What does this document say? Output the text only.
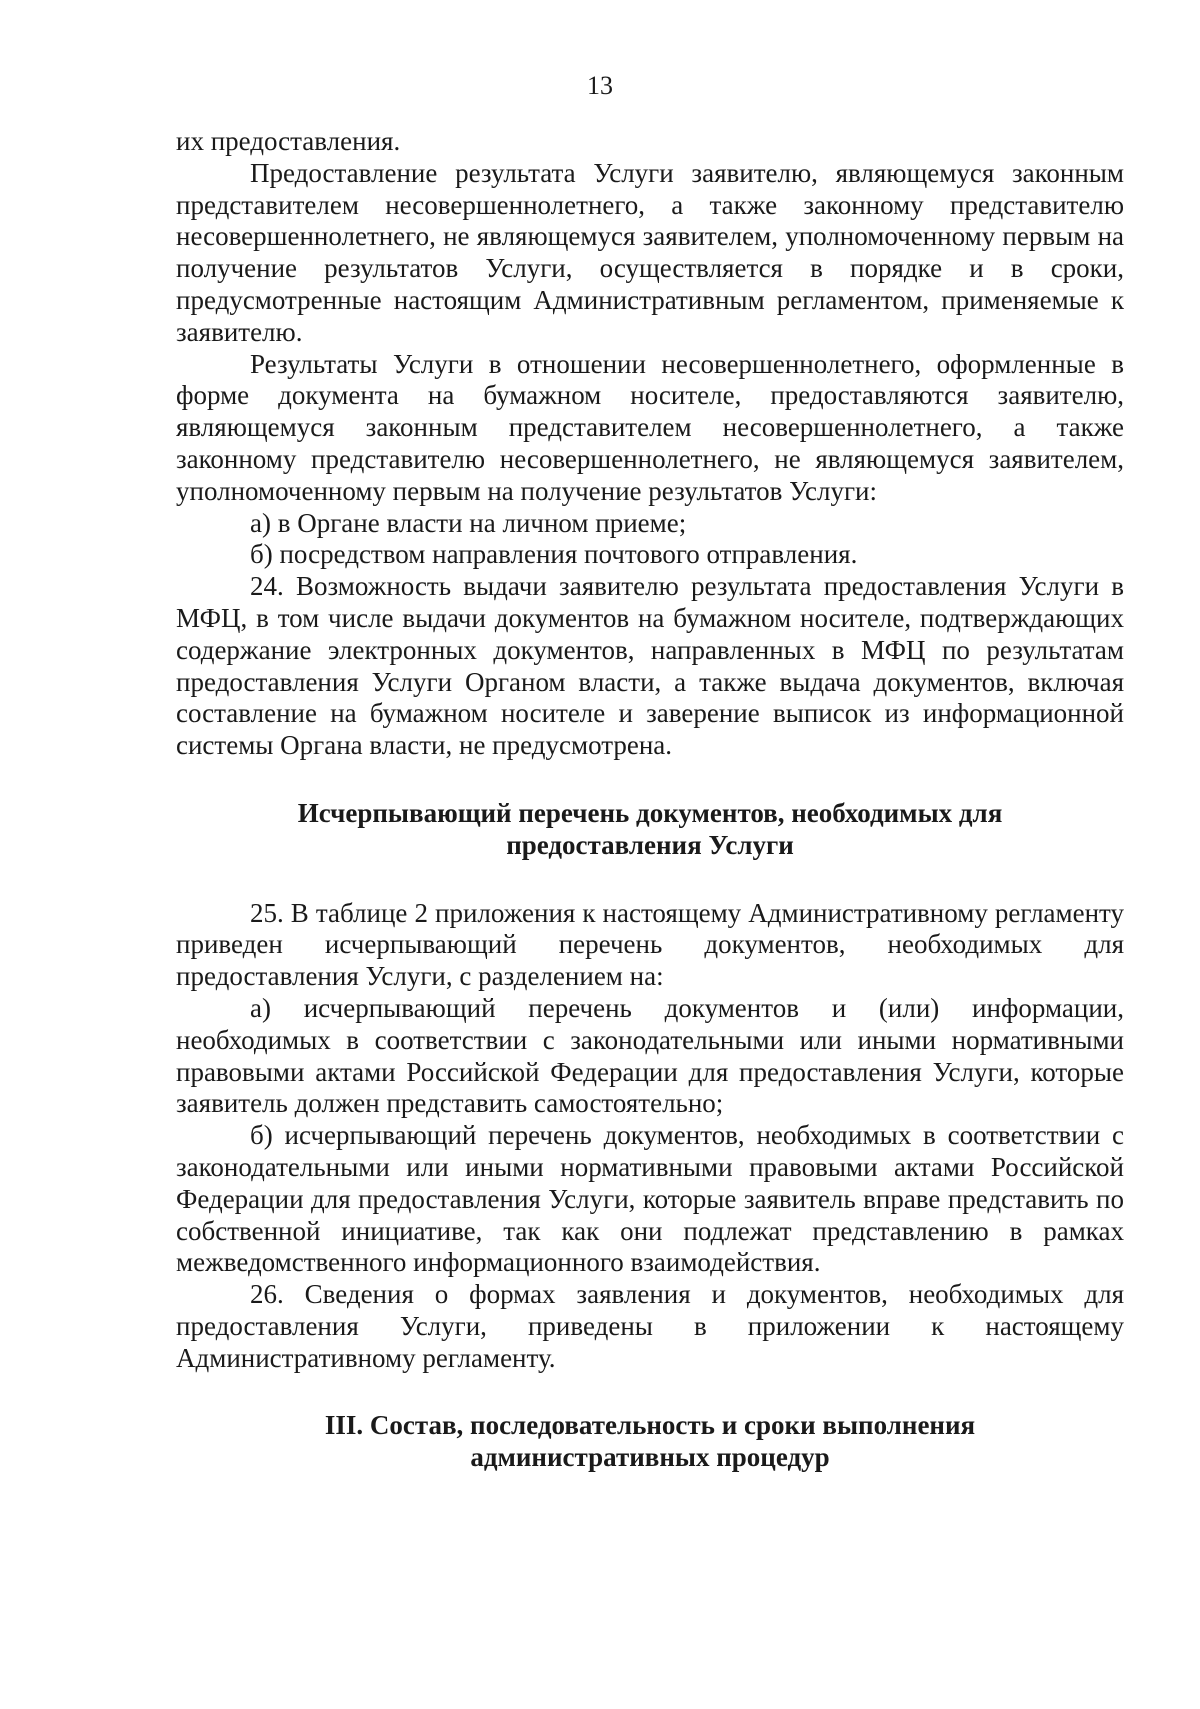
13

их предоставления.

Предоставление результата Услуги заявителю, являющемуся законным представителем несовершеннолетнего, а также законному представителю несовершеннолетнего, не являющемуся заявителем, уполномоченному первым на получение результатов Услуги, осуществляется в порядке и в сроки, предусмотренные настоящим Административным регламентом, применяемые к заявителю.

Результаты Услуги в отношении несовершеннолетнего, оформленные в форме документа на бумажном носителе, предоставляются заявителю, являющемуся законным представителем несовершеннолетнего, а также законному представителю несовершеннолетнего, не являющемуся заявителем, уполномоченному первым на получение результатов Услуги:

а) в Органе власти на личном приеме;

б) посредством направления почтового отправления.

24. Возможность выдачи заявителю результата предоставления Услуги в МФЦ, в том числе выдачи документов на бумажном носителе, подтверждающих содержание электронных документов, направленных в МФЦ по результатам предоставления Услуги Органом власти, а также выдача документов, включая составление на бумажном носителе и заверение выписок из информационной системы Органа власти, не предусмотрена.

Исчерпывающий перечень документов, необходимых для

предоставления Услуги

25. В таблице 2 приложения к настоящему Административному регламенту приведен исчерпывающий перечень документов, необходимых для предоставления Услуги, с разделением на:

а) исчерпывающий перечень документов и (или) информации, необходимых в соответствии с законодательными или иными нормативными правовыми актами Российской Федерации для предоставления Услуги, которые заявитель должен представить самостоятельно;

б) исчерпывающий перечень документов, необходимых в соответствии с законодательными или иными нормативными правовыми актами Российской Федерации для предоставления Услуги, которые заявитель вправе представить по собственной инициативе, так как они подлежат представлению в рамках межведомственного информационного взаимодействия.

26. Сведения о формах заявления и документов, необходимых для предоставления Услуги, приведены в приложении к настоящему Административному регламенту.

III. Состав, последовательность и сроки выполнения

административных процедур
